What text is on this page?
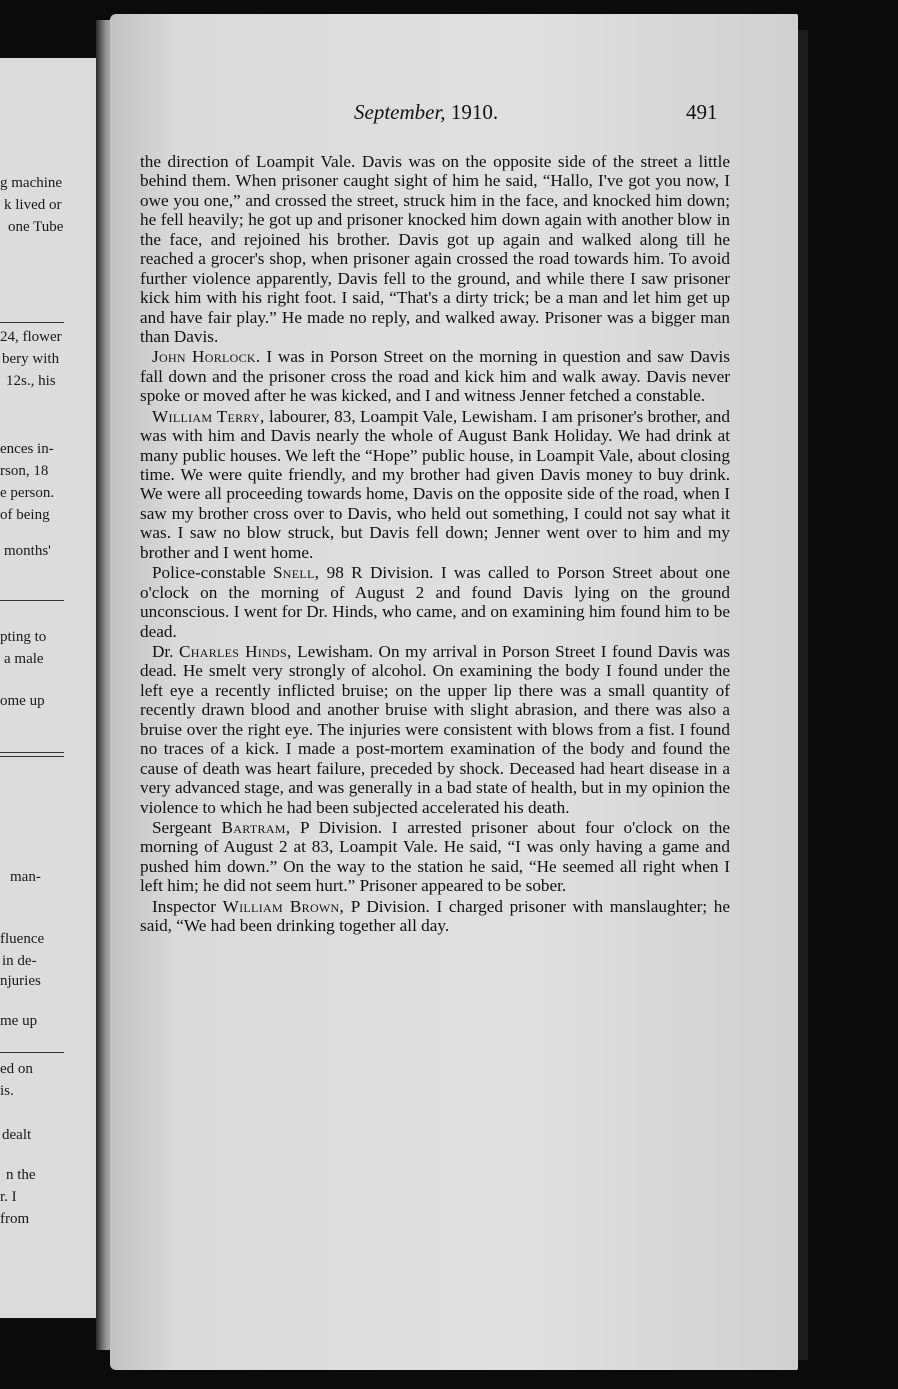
g machine
k lived or
one Tube
24, flower
bery with
12s., his
ences in-
rson, 18
e person.
of being
months'
pting to
a male
ome up
man-
fluence
in de-
njuries
me up
ed on
is.
dealt
n the
r. I
from
September, 1910.	491

the direction of Loampit Vale. Davis was on the opposite side of the street a little behind them. When prisoner caught sight of him he said, “Hallo, I've got you now, I owe you one,” and crossed the street, struck him in the face, and knocked him down; he fell heavily; he got up and prisoner knocked him down again with another blow in the face, and rejoined his brother. Davis got up again and walked along till he reached a grocer's shop, when prisoner again crossed the road towards him. To avoid further violence apparently, Davis fell to the ground, and while there I saw prisoner kick him with his right foot. I said, “That's a dirty trick; be a man and let him get up and have fair play.” He made no reply, and walked away. Prisoner was a bigger man than Davis.

John Horlock. I was in Porson Street on the morning in question and saw Davis fall down and the prisoner cross the road and kick him and walk away. Davis never spoke or moved after he was kicked, and I and witness Jenner fetched a constable.

William Terry, labourer, 83, Loampit Vale, Lewisham. I am prisoner's brother, and was with him and Davis nearly the whole of August Bank Holiday. We had drink at many public houses. We left the “Hope” public house, in Loampit Vale, about closing time. We were quite friendly, and my brother had given Davis money to buy drink. We were all proceeding towards home, Davis on the opposite side of the road, when I saw my brother cross over to Davis, who held out something, I could not say what it was. I saw no blow struck, but Davis fell down; Jenner went over to him and my brother and I went home.

Police-constable Snell, 98 R Division. I was called to Porson Street about one o'clock on the morning of August 2 and found Davis lying on the ground unconscious. I went for Dr. Hinds, who came, and on examining him found him to be dead.

Dr. Charles Hinds, Lewisham. On my arrival in Porson Street I found Davis was dead. He smelt very strongly of alcohol. On examining the body I found under the left eye a recently inflicted bruise; on the upper lip there was a small quantity of recently drawn blood and another bruise with slight abrasion, and there was also a bruise over the right eye. The injuries were consistent with blows from a fist. I found no traces of a kick. I made a post-mortem examination of the body and found the cause of death was heart failure, preceded by shock. Deceased had heart disease in a very advanced stage, and was generally in a bad state of health, but in my opinion the violence to which he had been subjected accelerated his death.

Sergeant Bartram, P Division. I arrested prisoner about four o'clock on the morning of August 2 at 83, Loampit Vale. He said, “I was only having a game and pushed him down.” On the way to the station he said, “He seemed all right when I left him; he did not seem hurt.” Prisoner appeared to be sober.

Inspector William Brown, P Division. I charged prisoner with manslaughter; he said, “We had been drinking together all day.
